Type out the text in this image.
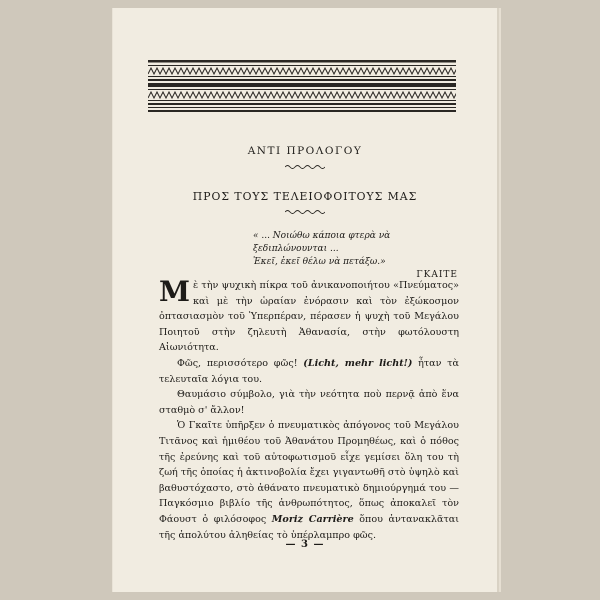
ΑΝΤΙ ΠΡΟΛΟΓΟΥ
ΠΡΟΣ ΤΟΥΣ ΤΕΛΕΙΟΦΟΙΤΟΥΣ ΜΑΣ
« ... Νοιώθω κάποια φτερὰ νὰ ξεδιπλώνουνται ...
Ἐκεῖ, ἐκεῖ θέλω νὰ πετάξω.»
ΓΚΑΙΤΕ

Μὲ τὴν ψυχικὴ πίκρα τοῦ ἀνικανοποιήτου «Πνεύματος» καὶ μὲ τὴν ὡραίαν ἐνόρασιν καὶ τὸν ἐξώκοσμον ὀπτασιασμὸν τοῦ Ὑπερπέραν, πέρασεν ἡ ψυχὴ τοῦ Μεγάλου Ποιητοῦ στὴν ζηλευτὴ Ἀθανασία, στὴν φωτόλουστη Αἰωνιότητα.

Φῶς, περισσότερο φῶς! (Licht, mehr licht!) ἦταν τὰ τελευταῖα λόγια του.

Θαυμάσιο σύμβολο, γιὰ τὴν νεότητα ποὺ περνᾷ ἀπὸ ἕνα σταθμὸ σ' ἄλλον!

Ὁ Γκαῖτε ὑπῆρξεν ὁ πνευματικὸς ἀπόγονος τοῦ Μεγάλου Τιτᾶνος καὶ ἡμιθέου τοῦ Ἀθανάτου Προμηθέως, καὶ ὁ πόθος τῆς ἐρεύνης καὶ τοῦ αὐτοφωτισμοῦ εἶχε γεμίσει ὅλη του τὴ ζωή τῆς ὁποίας ἡ ἀκτινοβολία ἔχει γιγαντωθῆ στὸ ὑψηλὸ καὶ βαθυστόχαστο, στὸ ἀθάνατο πνευματικὸ δημιούργημά του — Παγκόσμιο βιβλίο τῆς ἀνθρωπότητος, ὅπως ἀποκαλεῖ τὸν Φάουστ ὁ φιλόσοφος Moriz Carrière ὅπου ἀντανακλᾶται τῆς ἀπολύτου ἀληθείας τὸ ὑπέρλαμπρο φῶς.

— 3 —
